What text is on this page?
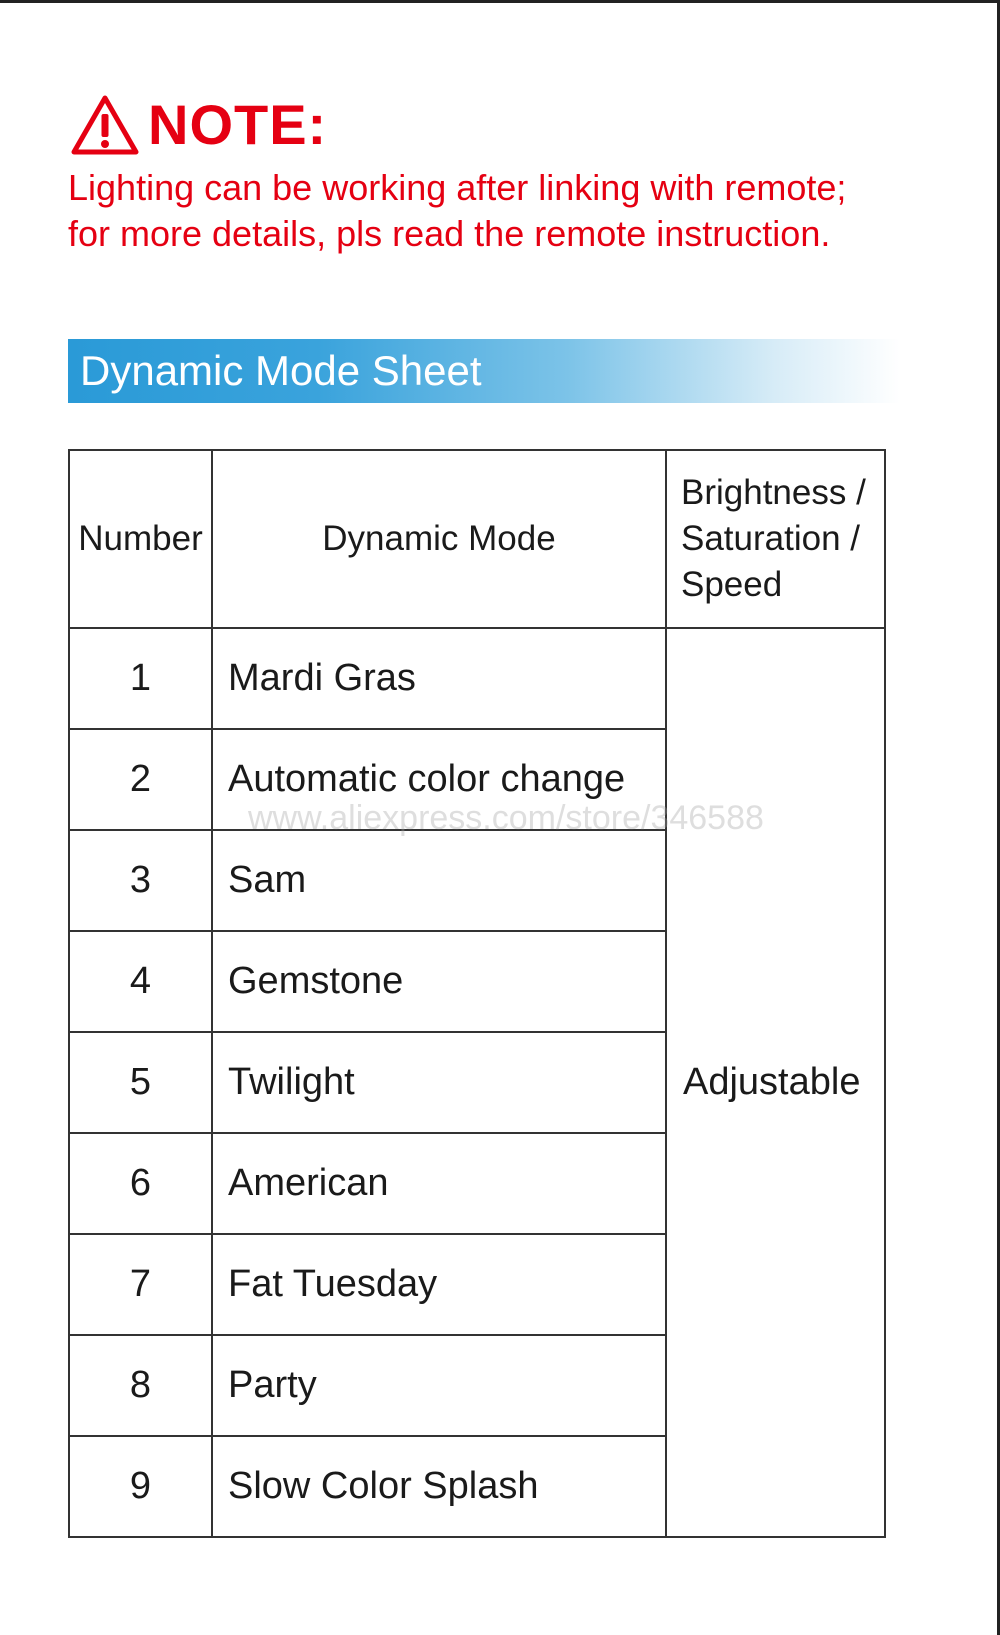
NOTE:
Lighting can be working after linking with remote;
for more details, pls read the remote instruction.
Dynamic Mode Sheet
Number	Dynamic Mode	Brightness /
Saturation /
Speed

1	Mardi Gras	Adjustable
2	Automatic color change	
3	Sam	
4	Gemstone	
5	Twilight	
6	American	
7	Fat Tuesday	
8	Party	
9	Slow Color Splash	
www.aliexpress.com/store/346588
